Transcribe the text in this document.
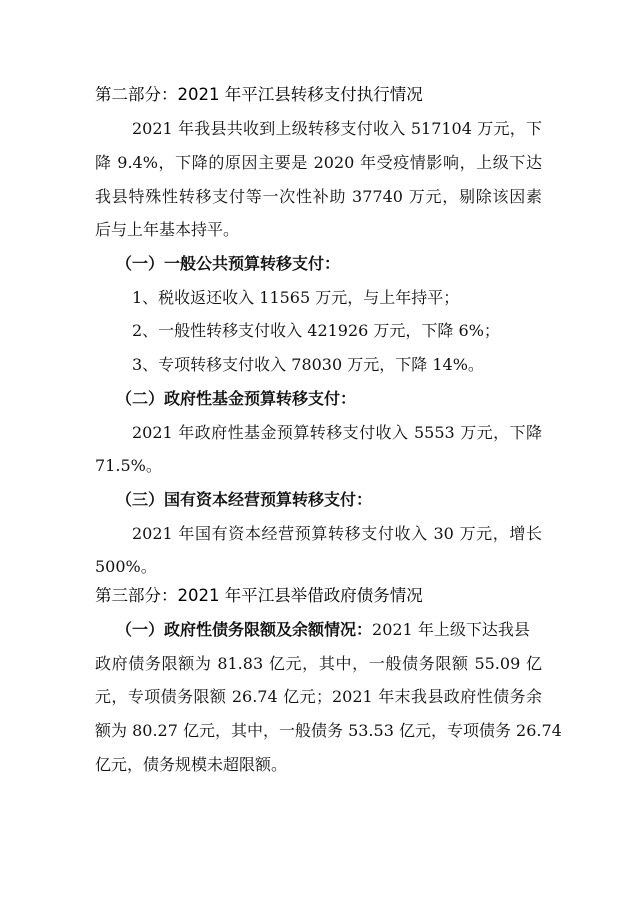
第二部分：2021 年平江县转移支付执行情况
2021 年我县共收到上级转移支付收入 517104 万元，下
降 9.4%，下降的原因主要是 2020 年受疫情影响，上级下达
我县特殊性转移支付等一次性补助 37740 万元，剔除该因素
后与上年基本持平。
（一）一般公共预算转移支付：
1、税收返还收入 11565 万元，与上年持平；
2、一般性转移支付收入 421926 万元，下降 6%；
3、专项转移支付收入 78030 万元，下降 14%。
（二）政府性基金预算转移支付：
2021 年政府性基金预算转移支付收入 5553 万元，下降
71.5%。
（三）国有资本经营预算转移支付：
2021 年国有资本经营预算转移支付收入 30 万元，增长
500%。
第三部分：2021 年平江县举借政府债务情况
（一）政府性债务限额及余额情况：2021 年上级下达我县
政府债务限额为 81.83 亿元，其中，一般债务限额 55.09 亿
元，专项债务限额 26.74 亿元；2021 年末我县政府性债务余
额为 80.27 亿元，其中，一般债务 53.53 亿元，专项债务 26.74
亿元，债务规模未超限额。
